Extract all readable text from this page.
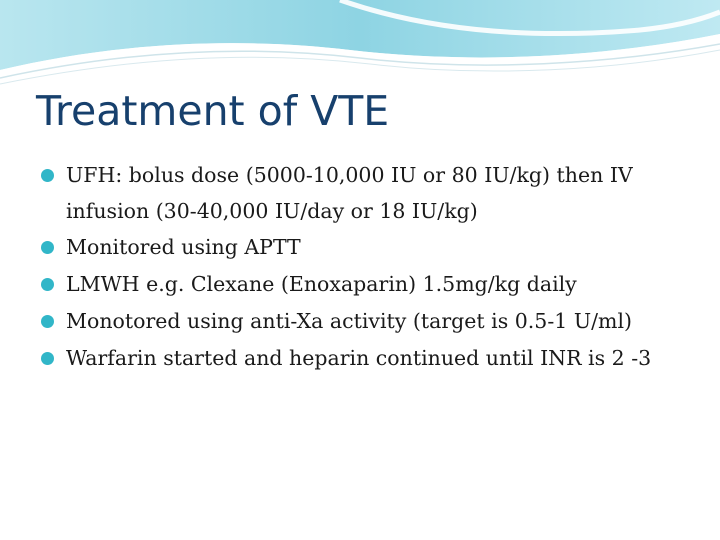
Treatment of VTE
UFH: bolus dose (5000-10,000 IU or 80 IU/kg) then IV infusion (30-40,000 IU/day or 18 IU/kg)
Monitored using APTT
LMWH e.g. Clexane (Enoxaparin) 1.5mg/kg daily
Monotored using anti-Xa activity (target is 0.5-1 U/ml)
Warfarin started and heparin continued until INR is 2 -3
